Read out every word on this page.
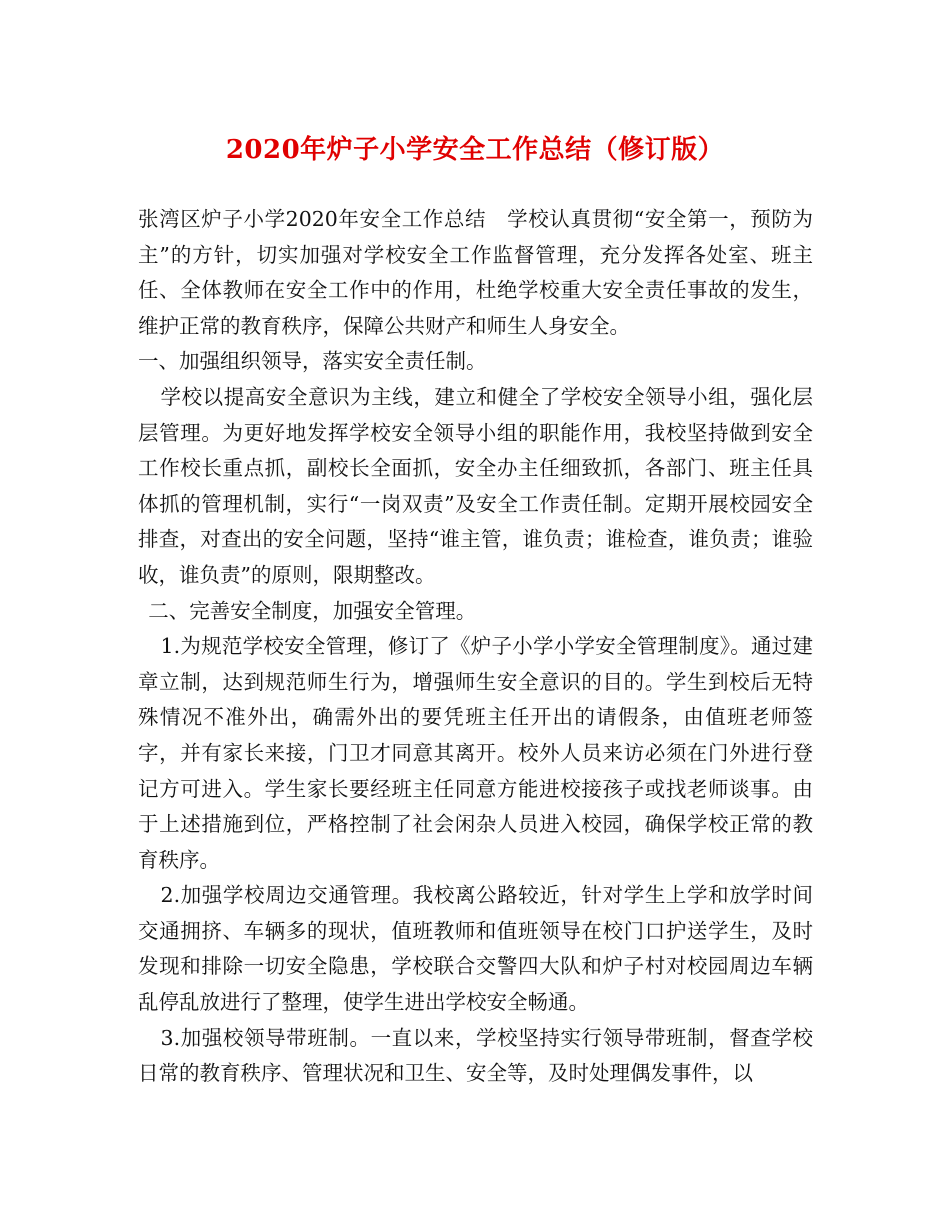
2020年炉子小学安全工作总结（修订版）

张湾区炉子小学2020年安全工作总结　学校认真贯彻“安全第一，预防为主”的方针，切实加强对学校安全工作监督管理，充分发挥各处室、班主任、全体教师在安全工作中的作用，杜绝学校重大安全责任事故的发生，维护正常的教育秩序，保障公共财产和师生人身安全。

一、加强组织领导，落实安全责任制。

学校以提高安全意识为主线，建立和健全了学校安全领导小组，强化层层管理。为更好地发挥学校安全领导小组的职能作用，我校坚持做到安全工作校长重点抓，副校长全面抓，安全办主任细致抓，各部门、班主任具体抓的管理机制，实行“一岗双责”及安全工作责任制。定期开展校园安全排查，对查出的安全问题，坚持“谁主管，谁负责；谁检查，谁负责；谁验收，谁负责”的原则，限期整改。

二、完善安全制度，加强安全管理。

1.为规范学校安全管理，修订了《炉子小学小学安全管理制度》。通过建章立制，达到规范师生行为，增强师生安全意识的目的。学生到校后无特殊情况不准外出，确需外出的要凭班主任开出的请假条，由值班老师签字，并有家长来接，门卫才同意其离开。校外人员来访必须在门外进行登记方可进入。学生家长要经班主任同意方能进校接孩子或找老师谈事。由于上述措施到位，严格控制了社会闲杂人员进入校园，确保学校正常的教育秩序。

2.加强学校周边交通管理。我校离公路较近，针对学生上学和放学时间交通拥挤、车辆多的现状，值班教师和值班领导在校门口护送学生，及时发现和排除一切安全隐患，学校联合交警四大队和炉子村对校园周边车辆乱停乱放进行了整理，使学生进出学校安全畅通。

3.加强校领导带班制。一直以来，学校坚持实行领导带班制，督查学校日常的教育秩序、管理状况和卫生、安全等，及时处理偶发事件，以
